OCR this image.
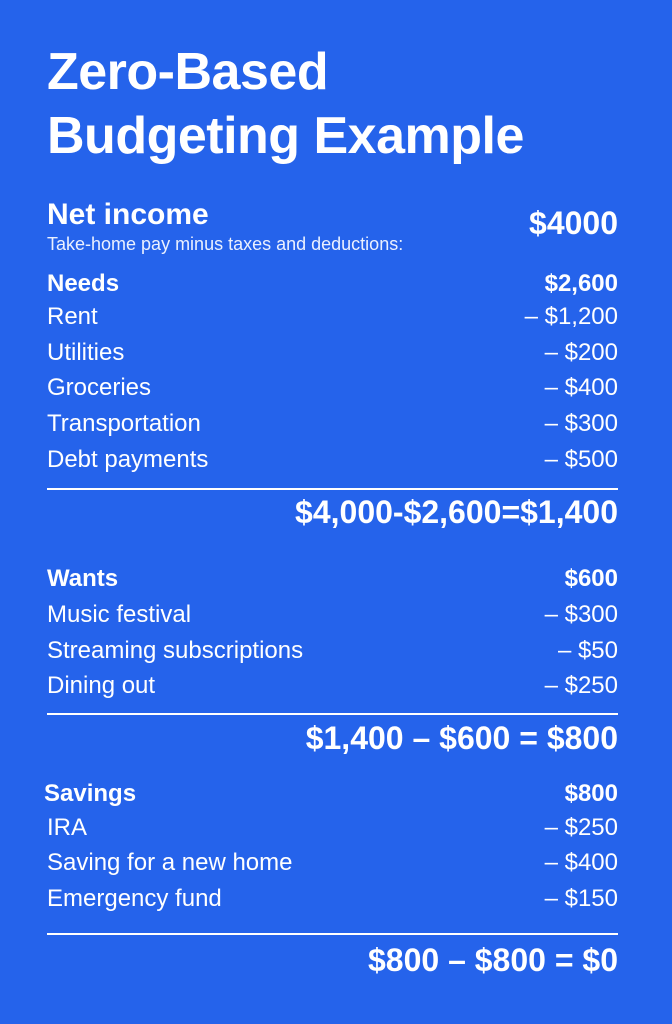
Zero-Based
Budgeting Example
Net income
Take-home pay minus taxes and deductions:
$4000
Needs	$2,600
Rent	– $1,200
Utilities	– $200
Groceries	– $400
Transportation	– $300
Debt payments	– $500
$4,000-$2,600=$1,400
Wants	$600
Music festival	– $300
Streaming subscriptions	– $50
Dining out	– $250
$1,400 – $600 = $800
Savings	$800
IRA	– $250
Saving for a new home	– $400
Emergency fund	– $150
$800 – $800 = $0
